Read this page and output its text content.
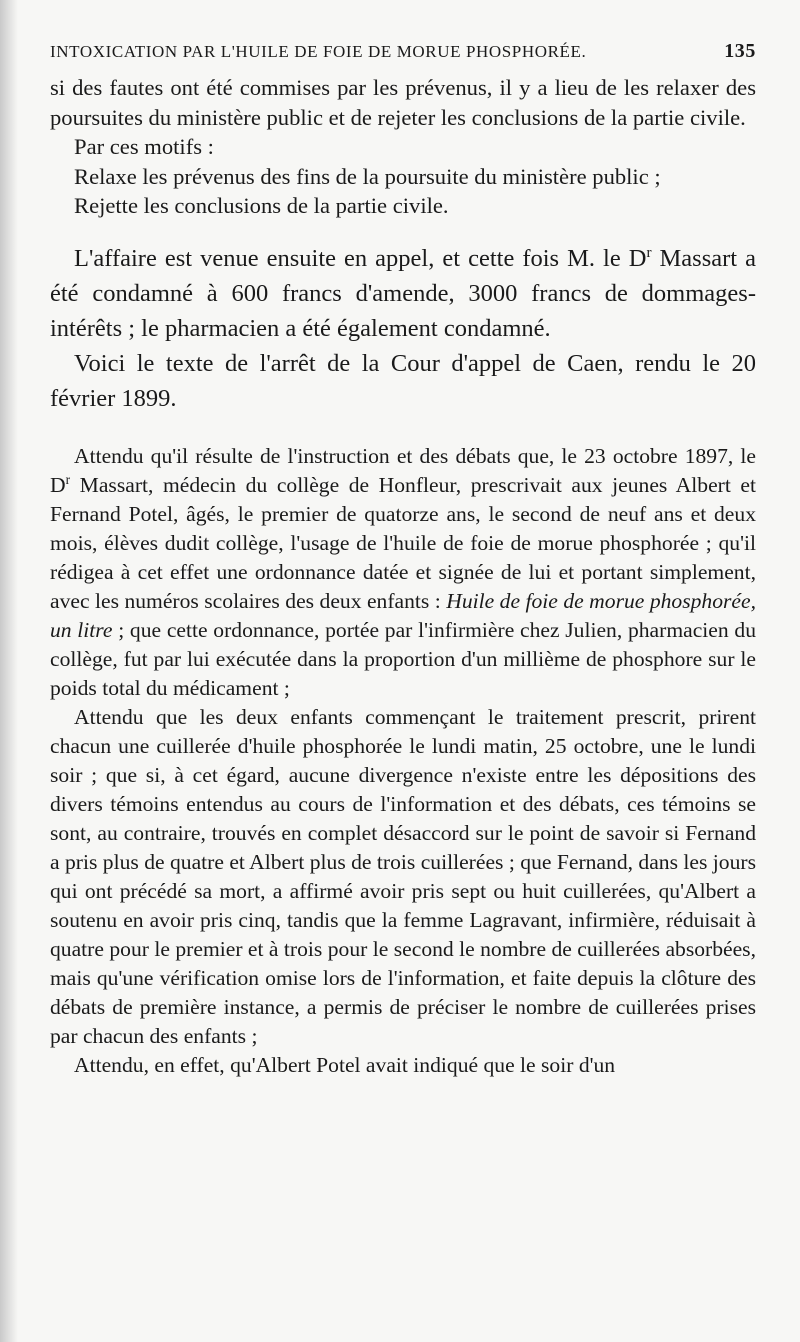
INTOXICATION PAR L'HUILE DE FOIE DE MORUE PHOSPHORÉE.	135

si des fautes ont été commises par les prévenus, il y a lieu de les relaxer des poursuites du ministère public et de rejeter les conclusions de la partie civile.

Par ces motifs :

Relaxe les prévenus des fins de la poursuite du ministère public ;

Rejette les conclusions de la partie civile.

L'affaire est venue ensuite en appel, et cette fois M. le $D^r$ Massart a été condamné à 600 francs d'amende, 3000 francs de dommages-intérêts ; le pharmacien a été également condamné.

Voici le texte de l'arrêt de la Cour d'appel de Caen, rendu le 20 février 1899.

Attendu qu'il résulte de l'instruction et des débats que, le 23 octobre 1897, le $D^r$ Massart, médecin du collège de Honfleur, prescrivait aux jeunes Albert et Fernand Potel, âgés, le premier de quatorze ans, le second de neuf ans et deux mois, élèves dudit collège, l'usage de l'huile de foie de morue phosphorée ; qu'il rédigea à cet effet une ordonnance datée et signée de lui et portant simplement, avec les numéros scolaires des deux enfants : Huile de foie de morue phosphorée, un litre ; que cette ordonnance, portée par l'infirmière chez Julien, pharmacien du collège, fut par lui exécutée dans la proportion d'un millième de phosphore sur le poids total du médicament ;

Attendu que les deux enfants commençant le traitement prescrit, prirent chacun une cuillerée d'huile phosphorée le lundi matin, 25 octobre, une le lundi soir ; que si, à cet égard, aucune divergence n'existe entre les dépositions des divers témoins entendus au cours de l'information et des débats, ces témoins se sont, au contraire, trouvés en complet désaccord sur le point de savoir si Fernand a pris plus de quatre et Albert plus de trois cuillerées ; que Fernand, dans les jours qui ont précédé sa mort, a affirmé avoir pris sept ou huit cuillerées, qu'Albert a soutenu en avoir pris cinq, tandis que la femme Lagravant, infirmière, réduisait à quatre pour le premier et à trois pour le second le nombre de cuillerées absorbées, mais qu'une vérification omise lors de l'information, et faite depuis la clôture des débats de première instance, a permis de préciser le nombre de cuillerées prises par chacun des enfants ;

Attendu, en effet, qu'Albert Potel avait indiqué que le soir d'un
